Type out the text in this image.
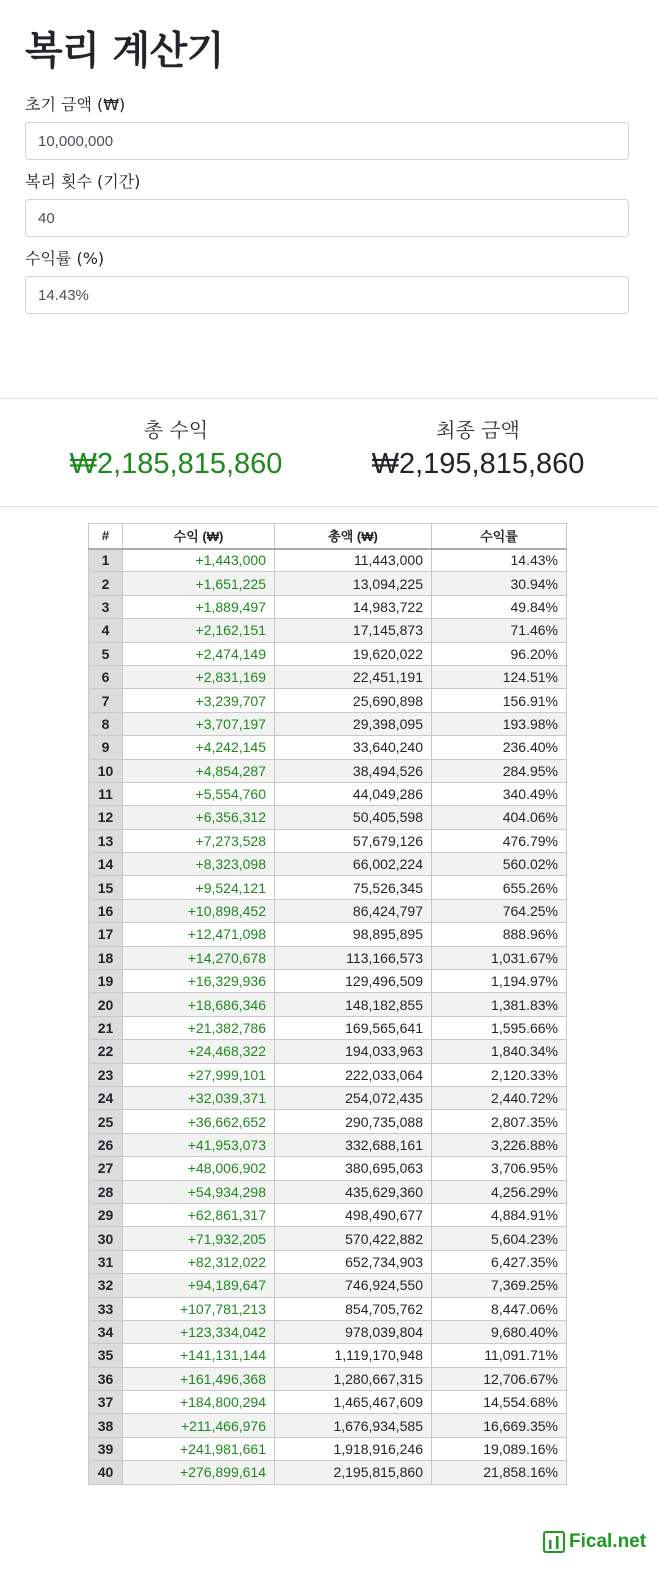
복리 계산기
초기 금액 (₩)
10,000,000
복리 횟수 (기간)
40
수익률 (%)
14.43%
총 수익
₩2,185,815,860
최종 금액
₩2,195,815,860
#	수익 (₩)	총액 (₩)	수익률
1	+1,443,000	11,443,000	14.43%
2	+1,651,225	13,094,225	30.94%
3	+1,889,497	14,983,722	49.84%
4	+2,162,151	17,145,873	71.46%
5	+2,474,149	19,620,022	96.20%
6	+2,831,169	22,451,191	124.51%
7	+3,239,707	25,690,898	156.91%
8	+3,707,197	29,398,095	193.98%
9	+4,242,145	33,640,240	236.40%
10	+4,854,287	38,494,526	284.95%
11	+5,554,760	44,049,286	340.49%
12	+6,356,312	50,405,598	404.06%
13	+7,273,528	57,679,126	476.79%
14	+8,323,098	66,002,224	560.02%
15	+9,524,121	75,526,345	655.26%
16	+10,898,452	86,424,797	764.25%
17	+12,471,098	98,895,895	888.96%
18	+14,270,678	113,166,573	1,031.67%
19	+16,329,936	129,496,509	1,194.97%
20	+18,686,346	148,182,855	1,381.83%
21	+21,382,786	169,565,641	1,595.66%
22	+24,468,322	194,033,963	1,840.34%
23	+27,999,101	222,033,064	2,120.33%
24	+32,039,371	254,072,435	2,440.72%
25	+36,662,652	290,735,088	2,807.35%
26	+41,953,073	332,688,161	3,226.88%
27	+48,006,902	380,695,063	3,706.95%
28	+54,934,298	435,629,360	4,256.29%
29	+62,861,317	498,490,677	4,884.91%
30	+71,932,205	570,422,882	5,604.23%
31	+82,312,022	652,734,903	6,427.35%
32	+94,189,647	746,924,550	7,369.25%
33	+107,781,213	854,705,762	8,447.06%
34	+123,334,042	978,039,804	9,680.40%
35	+141,131,144	1,119,170,948	11,091.71%
36	+161,496,368	1,280,667,315	12,706.67%
37	+184,800,294	1,465,467,609	14,554.68%
38	+211,466,976	1,676,934,585	16,669.35%
39	+241,981,661	1,918,916,246	19,089.16%
40	+276,899,614	2,195,815,860	21,858.16%
Fical.net
